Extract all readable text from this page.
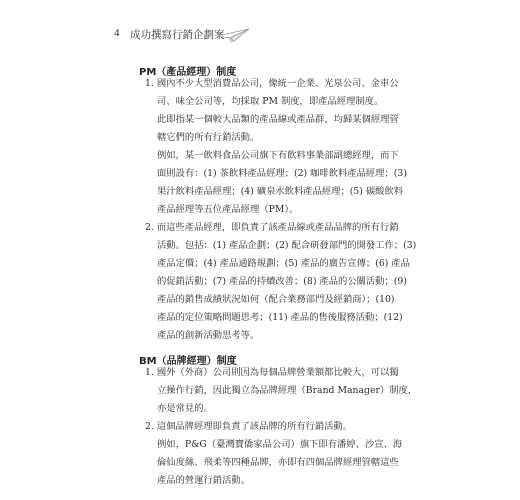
4 成功撰寫行銷企劃案
PM（產品經理）制度
1. 國內不少大型消費品公司，像統一企業、光泉公司、金車公
司、味全公司等，均採取 PM 制度，即產品經理制度。
此即指某一個較大品類的產品線或產品群，均歸某個經理管
轄它們的所有行銷活動。
例如，某一飲料食品公司旗下有飲料事業部副總經理，而下
面則設有：(1) 茶飲料產品經理；(2) 咖啡飲料產品經理；(3)
果汁飲料產品經理；(4) 礦泉水飲料產品經理；(5) 碳酸飲料
產品經理等五位產品經理（PM）。
2. 而這些產品經理，即負責了該產品線或產品品牌的所有行銷
活動。包括：(1) 產品企劃；(2) 配合研發部門的開發工作；(3)
產品定價；(4) 產品通路規劃；(5) 產品的廣告宣傳；(6) 產品
的促銷活動；(7) 產品的持續改善；(8) 產品的公關活動；(9)
產品的銷售成績狀況如何（配合業務部門及經銷商）；(10)
產品的定位策略問題思考；(11) 產品的售後服務活動；(12)
產品的創新活動思考等。
BM（品牌經理）制度
1. 國外（外商）公司則因為每個品牌營業額都比較大，可以獨
立操作行銷，因此獨立為品牌經理（Brand Manager）制度，
亦是常見的。
2. 這個品牌經理即負責了該品牌的所有行銷活動。
例如，P&G（臺灣寶僑家品公司）旗下即有潘婷、沙宣、海
倫仙度絲、飛柔等四種品牌，亦即有四個品牌經理管轄這些
產品的營運行銷活動。
